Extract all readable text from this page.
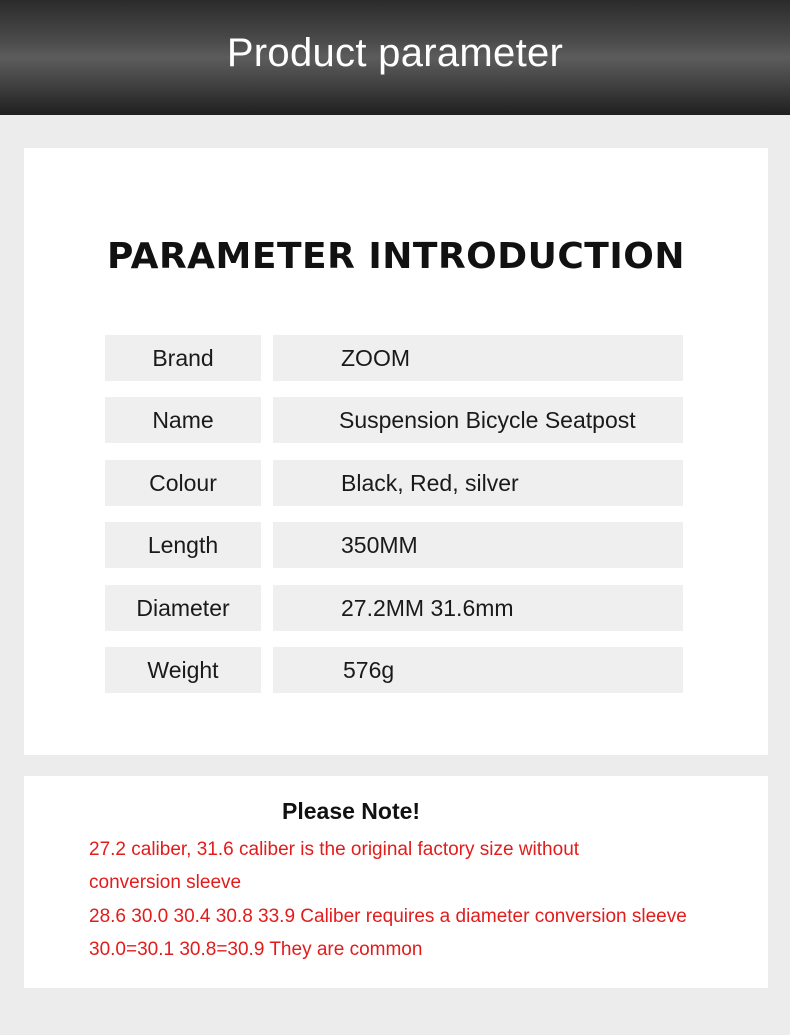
Product parameter
PARAMETER INTRODUCTION
Brand	ZOOM
Name	Suspension Bicycle Seatpost
Colour	Black, Red, silver
Length	350MM
Diameter	27.2MM 31.6mm
Weight	576g
Please Note!
27.2 caliber, 31.6 caliber is the original factory size without
conversion sleeve
28.6 30.0 30.4 30.8 33.9 Caliber requires a diameter conversion sleeve
30.0=30.1 30.8=30.9 They are common
